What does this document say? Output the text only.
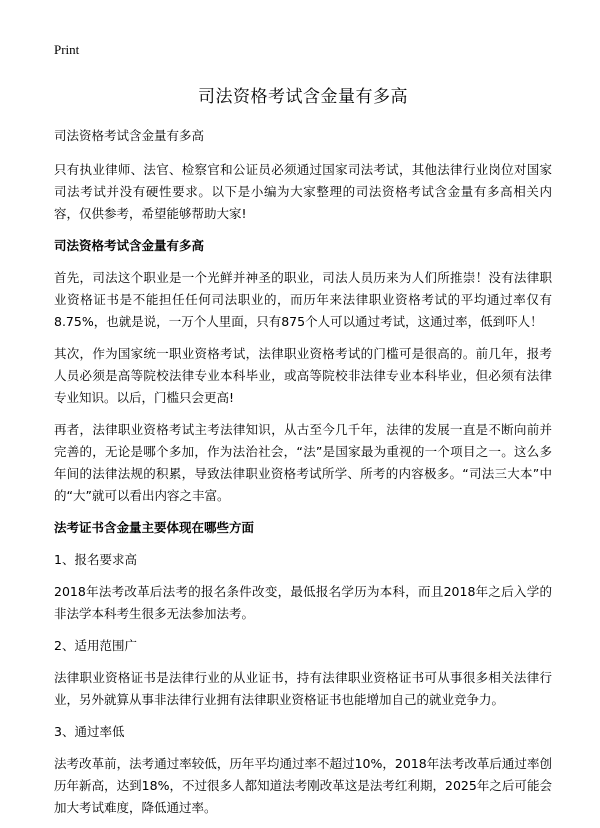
Print
司法资格考试含金量有多高

司法资格考试含金量有多高

只有执业律师、法官、检察官和公证员必须通过国家司法考试，其他法律行业岗位对国家司法考试并没有硬性要求。以下是小编为大家整理的司法资格考试含金量有多高相关内容，仅供参考，希望能够帮助大家!

司法资格考试含金量有多高

首先，司法这个职业是一个光鲜并神圣的职业，司法人员历来为人们所推崇！没有法律职业资格证书是不能担任任何司法职业的，而历年来法律职业资格考试的平均通过率仅有8.75%，也就是说，一万个人里面，只有875个人可以通过考试，这通过率，低到吓人！

其次，作为国家统一职业资格考试，法律职业资格考试的门槛可是很高的。前几年，报考人员必须是高等院校法律专业本科毕业，或高等院校非法律专业本科毕业，但必须有法律专业知识。以后，门槛只会更高!

再者，法律职业资格考试主考法律知识，从古至今几千年，法律的发展一直是不断向前并完善的，无论是哪个多加，作为法治社会，“法”是国家最为重视的一个项目之一。这么多年间的法律法规的积累，导致法律职业资格考试所学、所考的内容极多。“司法三大本”中的“大”就可以看出内容之丰富。

法考证书含金量主要体现在哪些方面

1、报名要求高

2018年法考改革后法考的报名条件改变，最低报名学历为本科，而且2018年之后入学的非法学本科考生很多无法参加法考。

2、适用范围广

法律职业资格证书是法律行业的从业证书，持有法律职业资格证书可从事很多相关法律行业，另外就算从事非法律行业拥有法律职业资格证书也能增加自己的就业竞争力。

3、通过率低

法考改革前，法考通过率较低，历年平均通过率不超过10%，2018年法考改革后通过率创历年新高，达到18%，不过很多人都知道法考刚改革这是法考红利期，2025年之后可能会加大考试难度，降低通过率。
